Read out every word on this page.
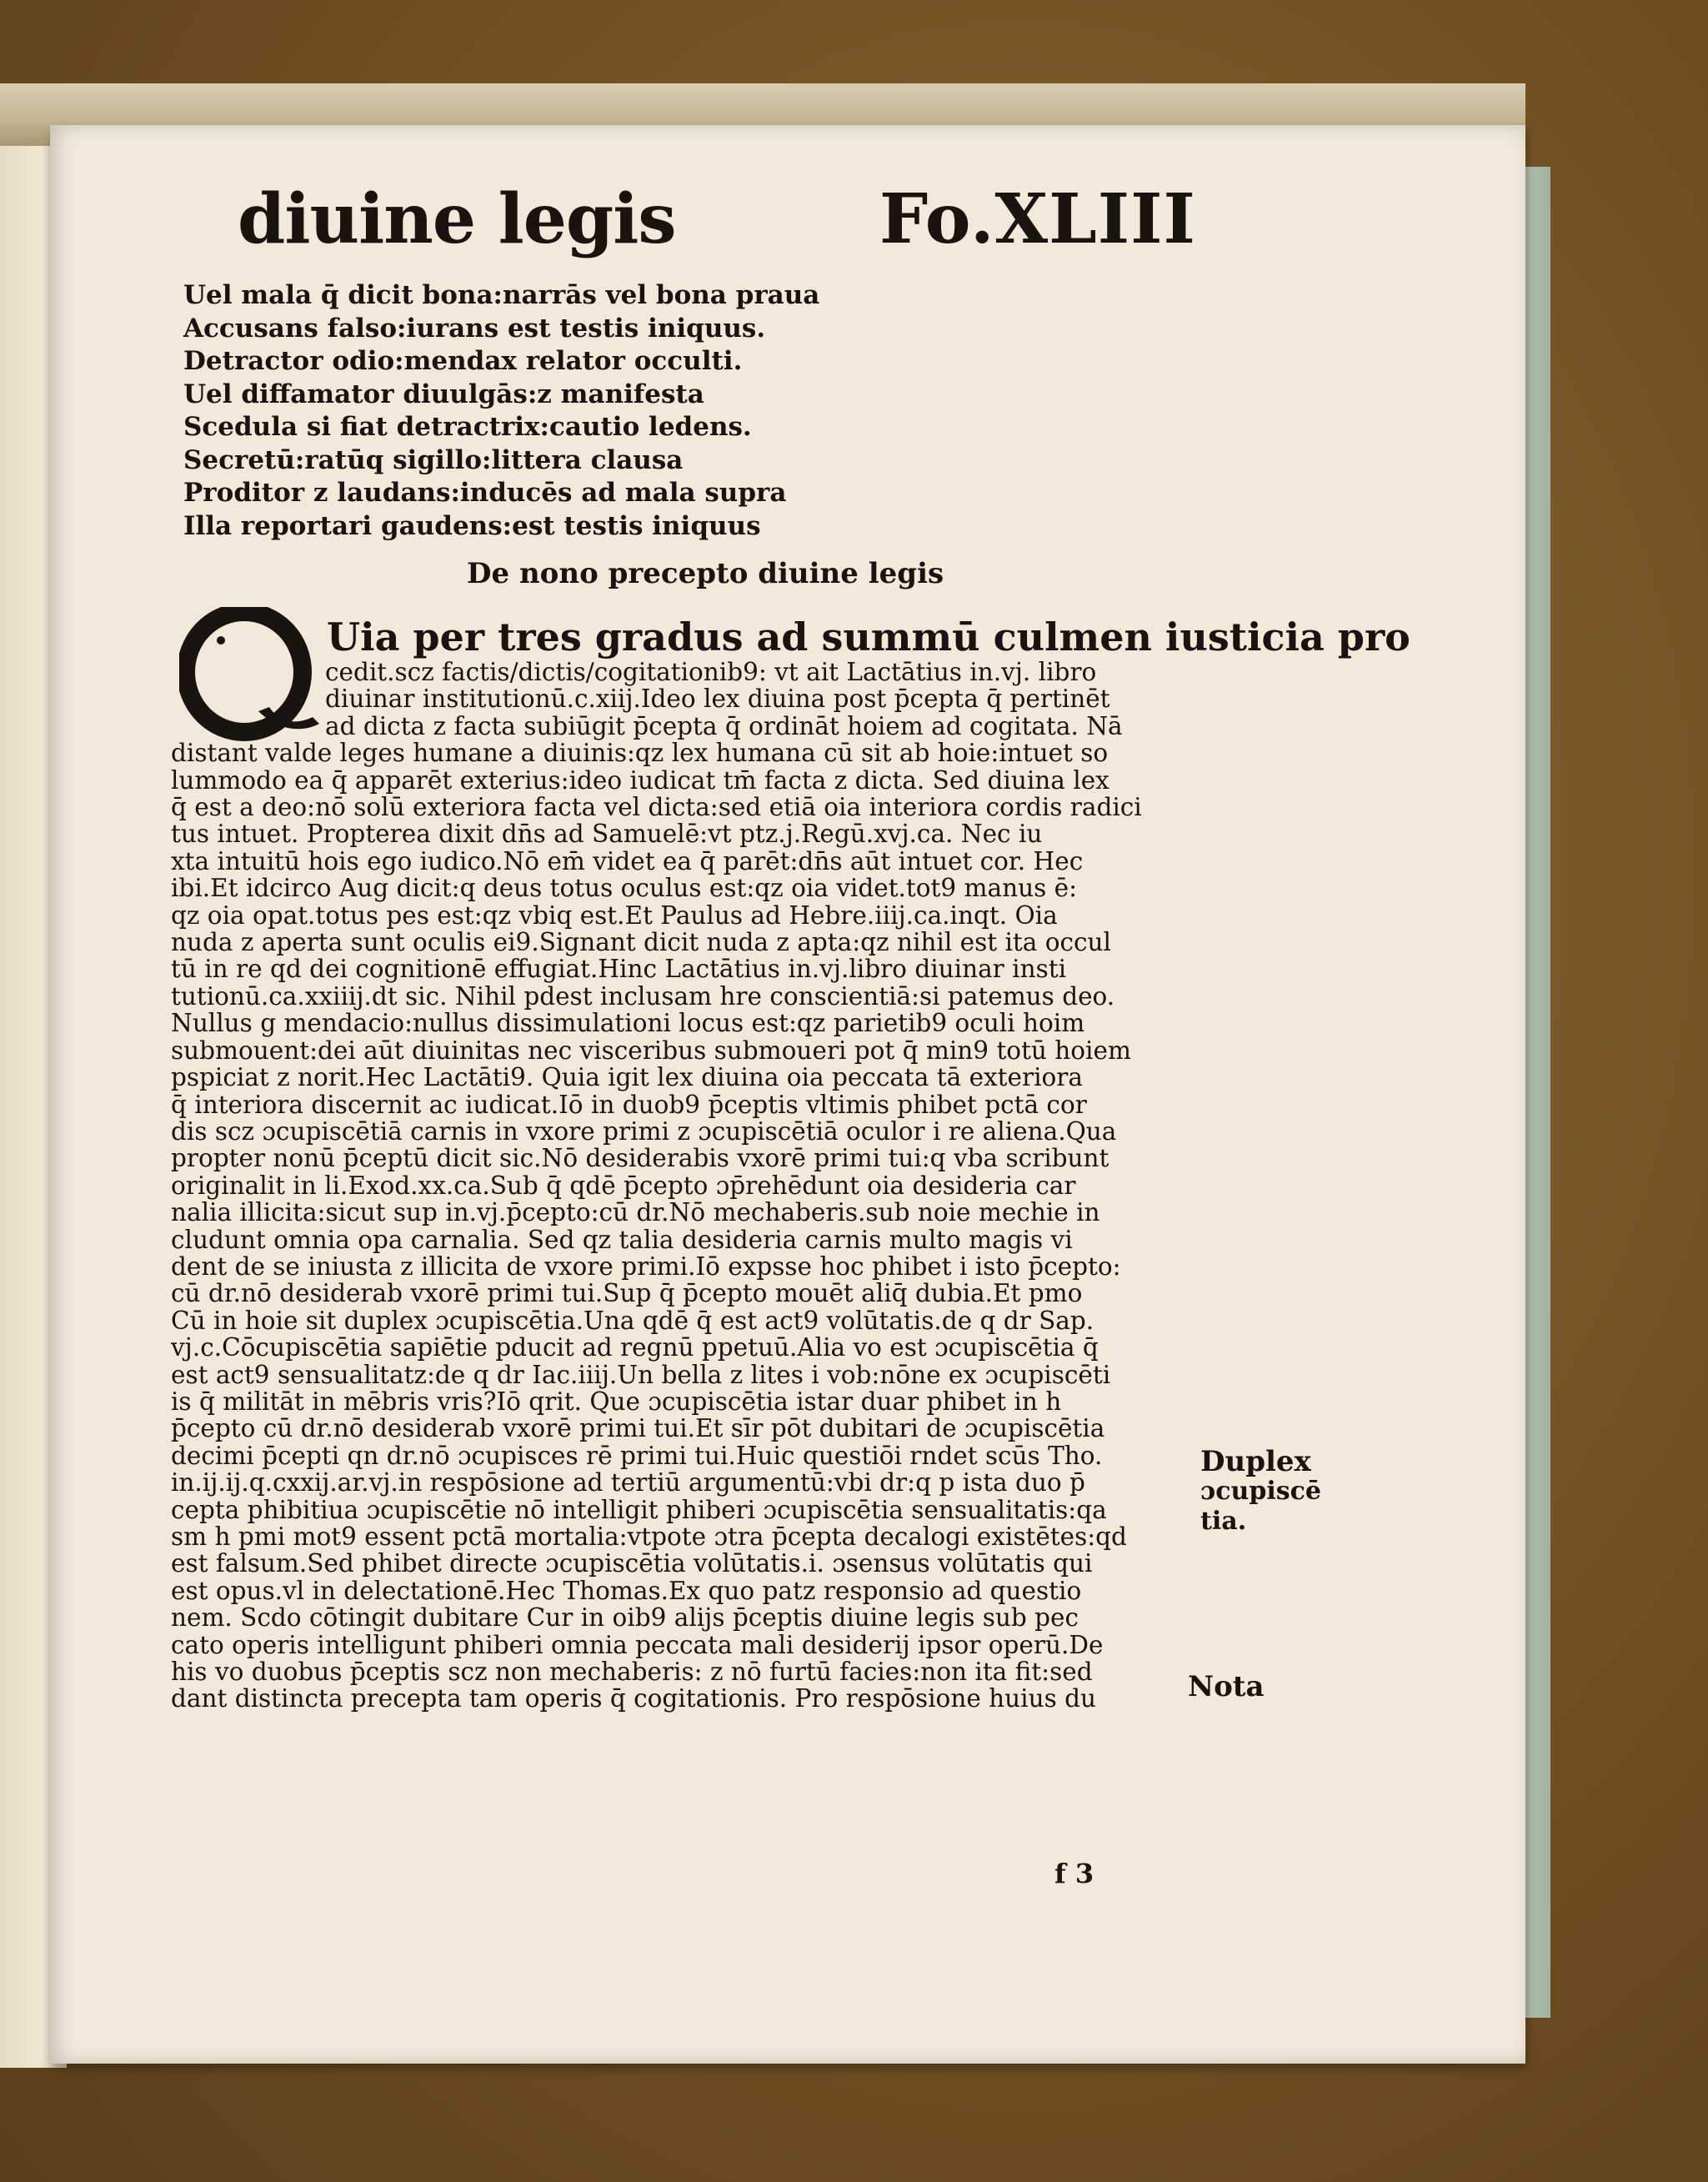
diuine legis	Fo.XLIII
Uel mala q̄ dicit bona:narrās vel bona praua
Accusans falso:iurans est testis iniquus.
Detractor odio:mendax relator occulti.
Uel diffamator diuulgās:z manifesta
Scedula si fiat detractrix:cautio ledens.
Secretū:ratūq sigillo:littera clausa
Proditor z laudans:inducēs ad mala supra
Illa reportari gaudens:est testis iniquus
De nono precepto diuine legis
Uia per tres gradus ad summū culmen iusticia pro
cedit.scz factis/dictis/cogitationib9: vt ait Lactātius in.vj. libro
diuinar institutionū.c.xiij.Ideo lex diuina post p̄cepta q̄ pertinēt
ad dicta z facta subiūgit p̄cepta q̄ ordināt hoiem ad cogitata. Nā
distant valde leges humane a diuinis:qz lex humana cū sit ab hoie:intuet so
lummodo ea q̄ apparēt exterius:ideo iudicat tm̄ facta z dicta. Sed diuina lex
q̄ est a deo:nō solū exteriora facta vel dicta:sed etiā oia interiora cordis radici
tus intuet. Propterea dixit dn̄s ad Samuelē:vt ptz.j.Regū.xvj.ca. Nec iu
xta intuitū hois ego iudico.Nō em̄ videt ea q̄ parēt:dn̄s aūt intuet cor. Hec
ibi.Et idcirco Aug dicit:q deus totus oculus est:qz oia videt.tot9 manus ē:
qz oia opat.totus pes est:qz vbiq est.Et Paulus ad Hebre.iiij.ca.inqt. Oia
nuda z aperta sunt oculis ei9.Signant dicit nuda z apta:qz nihil est ita occul
tū in re qd dei cognitionē effugiat.Hinc Lactātius in.vj.libro diuinar insti
tutionū.ca.xxiiij.dt sic. Nihil pdest inclusam hre conscientiā:si patemus deo.
Nullus g mendacio:nullus dissimulationi locus est:qz parietib9 oculi hoim
submouent:dei aūt diuinitas nec visceribus submoueri pot q̄ min9 totū hoiem
pspiciat z norit.Hec Lactāti9. Quia igit lex diuina oia peccata tā exteriora
q̄ interiora discernit ac iudicat.Iō in duob9 p̄ceptis vltimis phibet pctā cor
dis scz ɔcupiscētiā carnis in vxore primi z ɔcupiscētiā oculor i re aliena.Qua
propter nonū p̄ceptū dicit sic.Nō desiderabis vxorē primi tui:q vba scribunt
originalit in li.Exod.xx.ca.Sub q̄ qdē p̄cepto ɔp̄rehēdunt oia desideria car
nalia illicita:sicut sup in.vj.p̄cepto:cū dr.Nō mechaberis.sub noie mechie in
cludunt omnia opa carnalia. Sed qz talia desideria carnis multo magis vi
dent de se iniusta z illicita de vxore primi.Iō expsse hoc phibet i isto p̄cepto:
cū dr.nō desiderab vxorē primi tui.Sup q̄ p̄cepto mouēt aliq̄ dubia.Et pmo
Cū in hoie sit duplex ɔcupiscētia.Una qdē q̄ est act9 volūtatis.de q dr Sap.
vj.c.Cōcupiscētia sapiētie pducit ad regnū ppetuū.Alia vo est ɔcupiscētia q̄
est act9 sensualitatz:de q dr Iac.iiij.Un bella z lites i vob:nōne ex ɔcupiscēti
is q̄ militāt in mēbris vris?Iō qrit. Que ɔcupiscētia istar duar phibet in h
p̄cepto cū dr.nō desiderab vxorē primi tui.Et sīr pōt dubitari de ɔcupiscētia
decimi p̄cepti qn dr.nō ɔcupisces rē primi tui.Huic questiōi rndet scūs Tho.
in.ij.ij.q.cxxij.ar.vj.in respōsione ad tertiū argumentū:vbi dr:q p ista duo p̄
cepta phibitiua ɔcupiscētie nō intelligit phiberi ɔcupiscētia sensualitatis:qa
sm h pmi mot9 essent pctā mortalia:vtpote ɔtra p̄cepta decalogi existētes:qd
est falsum.Sed phibet directe ɔcupiscētia volūtatis.i. ɔsensus volūtatis qui
est opus.vl in delectationē.Hec Thomas.Ex quo patz responsio ad questio
nem. Scdo cōtingit dubitare Cur in oib9 alijs p̄ceptis diuine legis sub pec
cato operis intelligunt phiberi omnia peccata mali desiderij ipsor operū.De
his vo duobus p̄ceptis scz non mechaberis: z nō furtū facies:non ita fit:sed
dant distincta precepta tam operis q̄ cogitationis. Pro respōsione huius du
Duplex
ɔcupiscē
tia.
Nota
f 3
